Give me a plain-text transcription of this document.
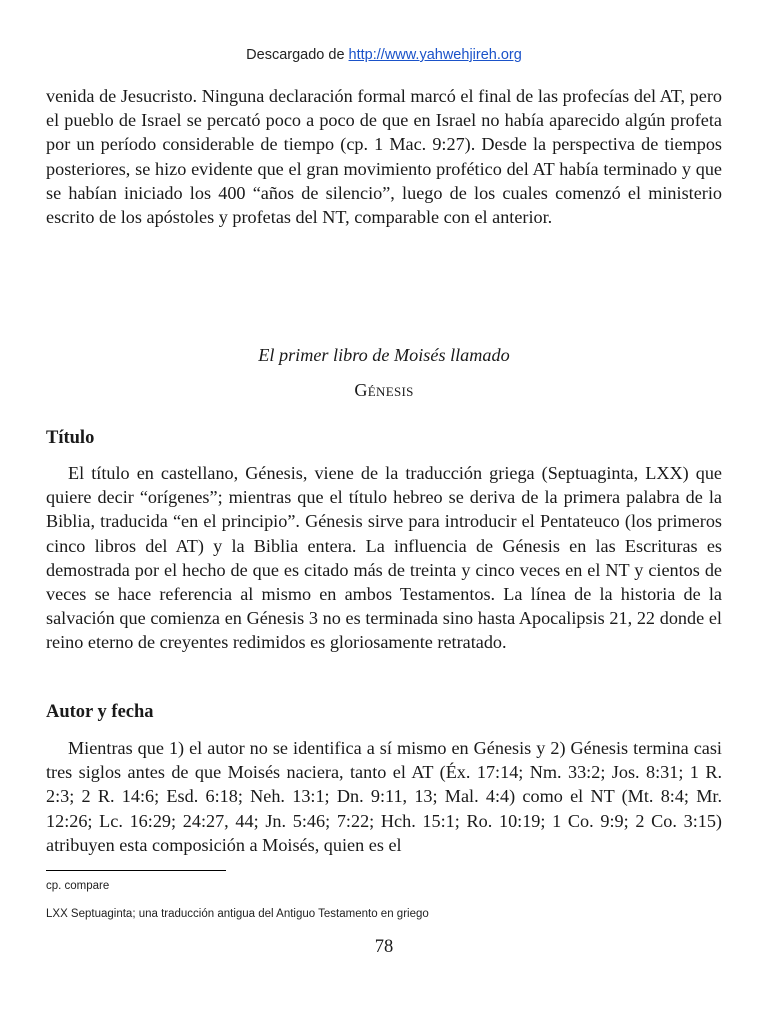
Descargado de http://www.yahwehjireh.org

venida de Jesucristo. Ninguna declaración formal marcó el final de las profecías del AT, pero el pueblo de Israel se percató poco a poco de que en Israel no había aparecido algún profeta por un período considerable de tiempo (cp. 1 Mac. 9:27). Desde la perspectiva de tiempos posteriores, se hizo evidente que el gran movimiento profético del AT había terminado y que se habían iniciado los 400 “años de silencio”, luego de los cuales comenzó el ministerio escrito de los apóstoles y profetas del NT, comparable con el anterior.

El primer libro de Moisés llamado
Génesis
Título

El título en castellano, Génesis, viene de la traducción griega (Septuaginta, LXX) que quiere decir “orígenes”; mientras que el título hebreo se deriva de la primera palabra de la Biblia, traducida “en el principio”. Génesis sirve para introducir el Pentateuco (los primeros cinco libros del AT) y la Biblia entera. La influencia de Génesis en las Escrituras es demostrada por el hecho de que es citado más de treinta y cinco veces en el NT y cientos de veces se hace referencia al mismo en ambos Testamentos. La línea de la historia de la salvación que comienza en Génesis 3 no es terminada sino hasta Apocalipsis 21, 22 donde el reino eterno de creyentes redimidos es gloriosamente retratado.

Autor y fecha

Mientras que 1) el autor no se identifica a sí mismo en Génesis y 2) Génesis termina casi tres siglos antes de que Moisés naciera, tanto el AT (Éx. 17:14; Nm. 33:2; Jos. 8:31; 1 R. 2:3; 2 R. 14:6; Esd. 6:18; Neh. 13:1; Dn. 9:11, 13; Mal. 4:4) como el NT (Mt. 8:4; Mr. 12:26; Lc. 16:29; 24:27, 44; Jn. 5:46; 7:22; Hch. 15:1; Ro. 10:19; 1 Co. 9:9; 2 Co. 3:15) atribuyen esta composición a Moisés, quien es el

cp. compare
LXX Septuaginta; una traducción antigua del Antiguo Testamento en griego
78
